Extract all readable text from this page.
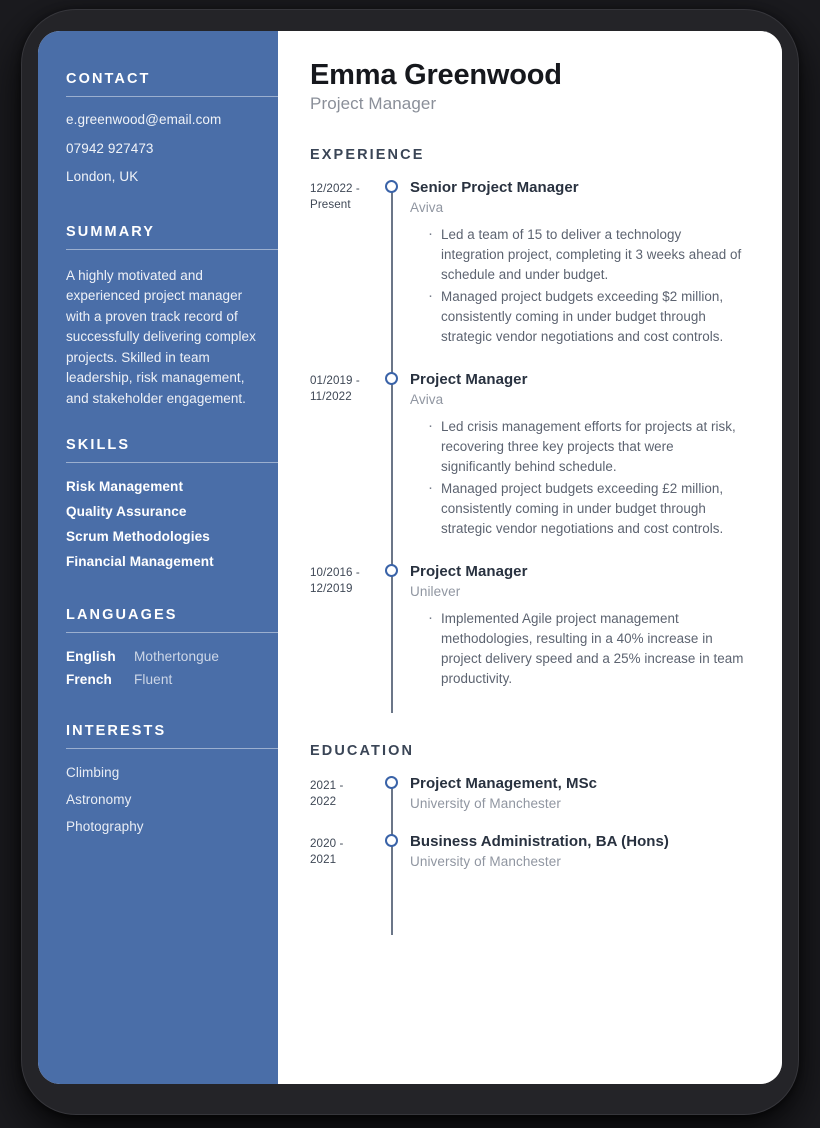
CONTACT
e.greenwood@email.com
07942 927473
London, UK
SUMMARY

A highly motivated and experienced project manager with a proven track record of successfully delivering complex projects. Skilled in team leadership, risk management, and stakeholder engagement.

SKILLS
Risk Management
Quality Assurance
Scrum Methodologies
Financial Management
LANGUAGES
English	Mothertongue
French	Fluent
INTERESTS
Climbing
Astronomy
Photography
Emma Greenwood
Project Manager
EXPERIENCE
12/2022 -
Present
Senior Project Manager
Aviva
· Led a team of 15 to deliver a technology integration project, completing it 3 weeks ahead of schedule and under budget.
· Managed project budgets exceeding $2 million, consistently coming in under budget through strategic vendor negotiations and cost controls.
01/2019 -
11/2022
Project Manager
Aviva
· Led crisis management efforts for projects at risk, recovering three key projects that were significantly behind schedule.
· Managed project budgets exceeding £2 million, consistently coming in under budget through strategic vendor negotiations and cost controls.
10/2016 -
12/2019
Project Manager
Unilever
· Implemented Agile project management methodologies, resulting in a 40% increase in project delivery speed and a 25% increase in team productivity.
EDUCATION
2021 -
2022
Project Management, MSc
University of Manchester
2020 -
2021
Business Administration, BA (Hons)
University of Manchester
